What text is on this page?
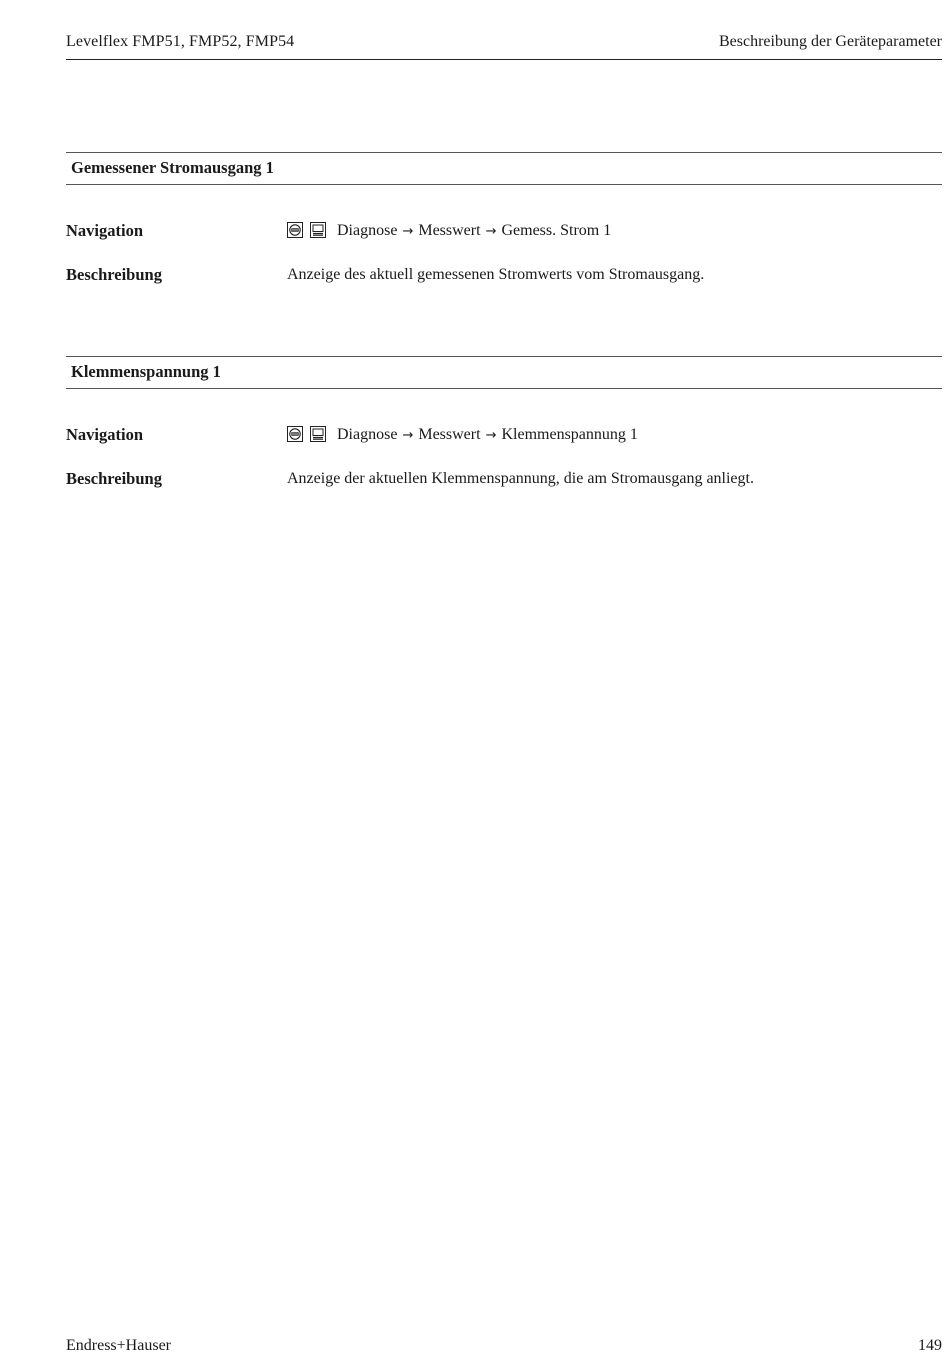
Levelflex FMP51, FMP52, FMP54	Beschreibung der Geräteparameter
Gemessener Stromausgang 1
Navigation	Diagnose → Messwert → Gemess. Strom 1
Beschreibung	Anzeige des aktuell gemessenen Stromwerts vom Stromausgang.
Klemmenspannung 1
Navigation	Diagnose → Messwert → Klemmenspannung 1
Beschreibung	Anzeige der aktuellen Klemmenspannung, die am Stromausgang anliegt.
Endress+Hauser	149
